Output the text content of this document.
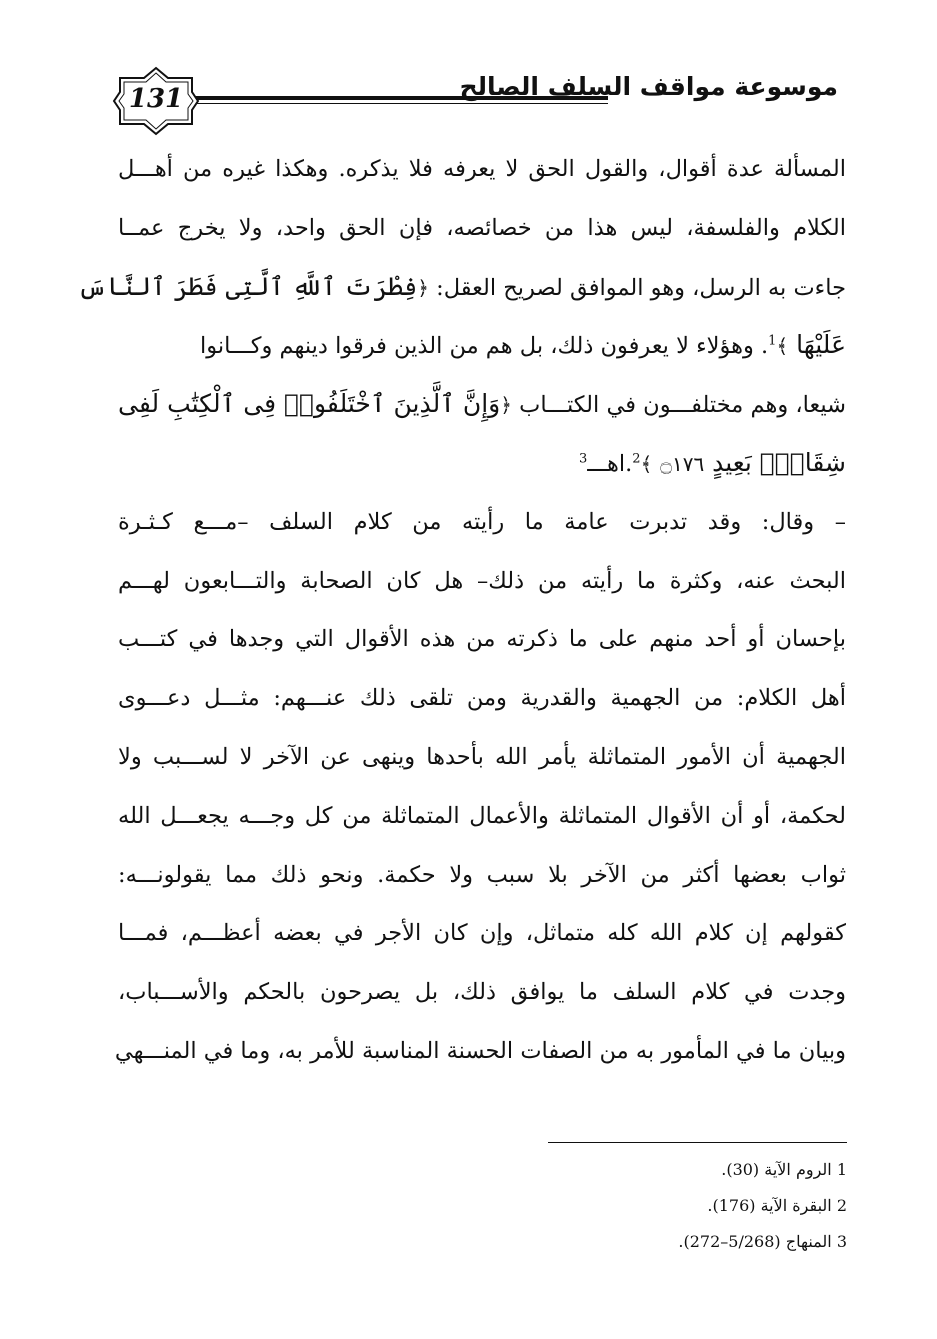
131	موسوعة مواقف السلف الصالح
المسألة عدة أقوال، والقول الحق لا يعرفه فلا يذكره. وهكذا غيره من أهـــل
الكلام والفلسفة، ليس هذا من خصائصه، فإن الحق واحد، ولا يخرج عمــا
جاءت به الرسل، وهو الموافق لصريح العقل: ﴿فِطْرَتَ ٱللَّهِ ٱلَّتِى فَطَرَ ٱلنَّاسَ
عَلَيْهَا ﴾$^1$. وهؤلاء لا يعرفون ذلك، بل هم من الذين فرقوا دينهم وكـــانوا
شيعا، وهم مختلفـــون في الكتـــاب ﴿وَإِنَّ ٱلَّذِينَ ٱخْتَلَفُوا۟ فِى ٱلْكِتَٰبِ لَفِى
شِقَاقٍۭ بَعِيدٍ ۝١٧٦ ﴾$^2$.اهـــ$^3$
– وقال: وقد تدبرت عامة ما رأيته من كلام السلف –مـــع كـثـرة
البحث عنه، وكثرة ما رأيته من ذلك– هل كان الصحابة والتـــابعون لهـــم
بإحسان أو أحد منهم على ما ذكرته من هذه الأقوال التي وجدها في كتـــب
أهل الكلام: من الجهمية والقدرية ومن تلقى ذلك عنـــهم: مثـــل دعـــوى
الجهمية أن الأمور المتماثلة يأمر الله بأحدها وينهى عن الآخر لا لســـبب ولا
لحكمة، أو أن الأقوال المتماثلة والأعمال المتماثلة من كل وجـــه يجعـــل الله
ثواب بعضها أكثر من الآخر بلا سبب ولا حكمة. ونحو ذلك مما يقولونـــه:
كقولهم إن كلام الله كله متماثل، وإن كان الأجر في بعضه أعظـــم، فمـــا
وجدت في كلام السلف ما يوافق ذلك، بل يصرحون بالحكم والأســـباب،
وبيان ما في المأمور به من الصفات الحسنة المناسبة للأمر به، وما في المنـــهي
1 الروم الآية (30).
2 البقرة الآية (176).
3 المنهاج (5/268–272).
